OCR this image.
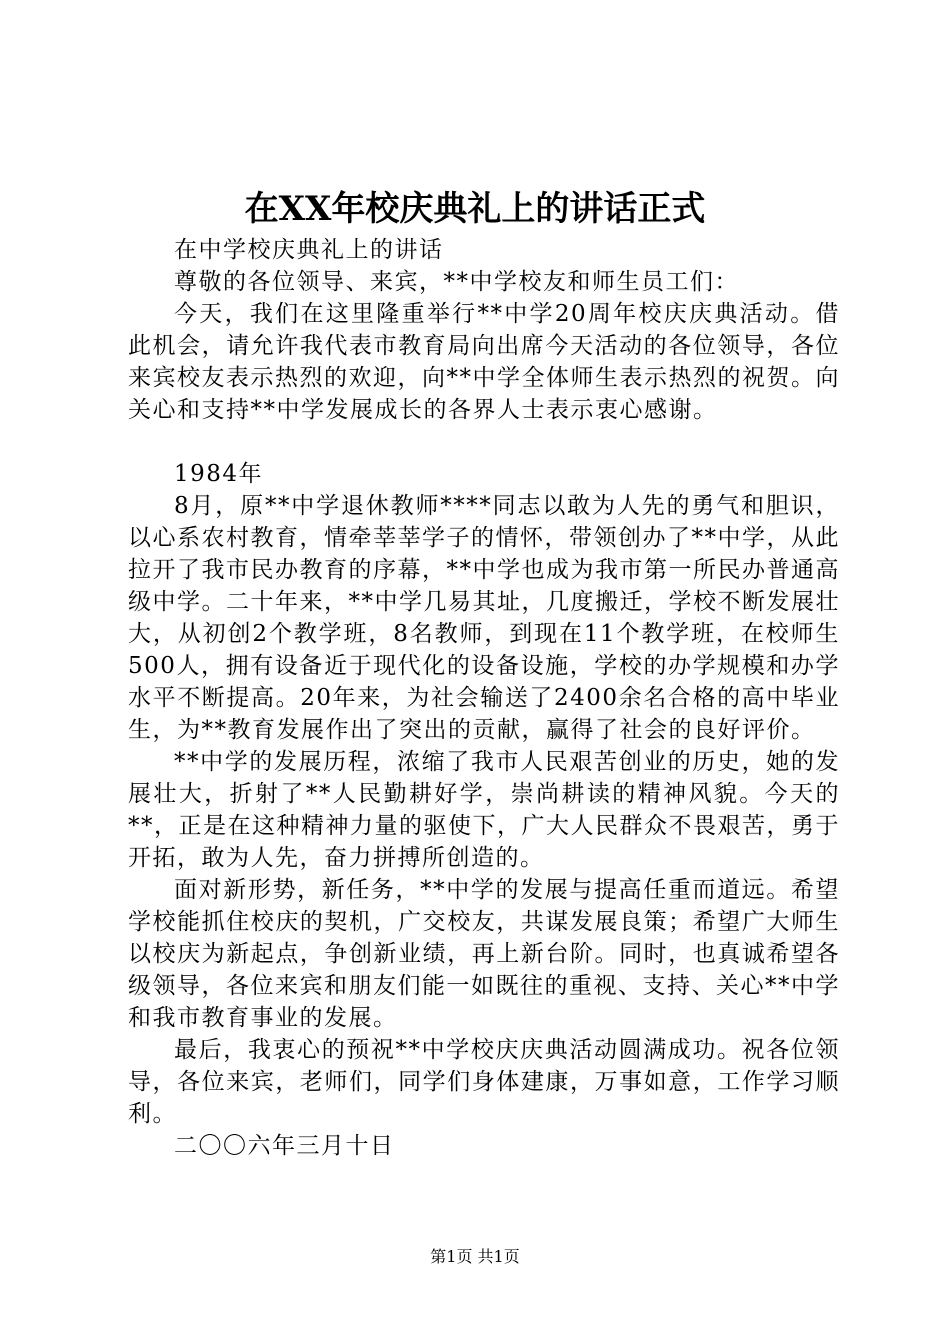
在XX年校庆典礼上的讲话正式

在中学校庆典礼上的讲话

尊敬的各位领导、来宾，**中学校友和师生员工们：

今天，我们在这里隆重举行**中学20周年校庆庆典活动。借此机会，请允许我代表市教育局向出席今天活动的各位领导，各位来宾校友表示热烈的欢迎，向**中学全体师生表示热烈的祝贺。向关心和支持**中学发展成长的各界人士表示衷心感谢。

1984年

8月，原**中学退休教师****同志以敢为人先的勇气和胆识，以心系农村教育，情牵莘莘学子的情怀，带领创办了**中学，从此拉开了我市民办教育的序幕，**中学也成为我市第一所民办普通高级中学。二十年来，**中学几易其址，几度搬迁，学校不断发展壮大，从初创2个教学班，8名教师，到现在11个教学班，在校师生500人，拥有设备近于现代化的设备设施，学校的办学规模和办学水平不断提高。20年来，为社会输送了2400余名合格的高中毕业生，为**教育发展作出了突出的贡献，赢得了社会的良好评价。

**中学的发展历程，浓缩了我市人民艰苦创业的历史，她的发展壮大，折射了**人民勤耕好学，崇尚耕读的精神风貌。今天的**，正是在这种精神力量的驱使下，广大人民群众不畏艰苦，勇于开拓，敢为人先，奋力拼搏所创造的。

面对新形势，新任务，**中学的发展与提高任重而道远。希望学校能抓住校庆的契机，广交校友，共谋发展良策；希望广大师生以校庆为新起点，争创新业绩，再上新台阶。同时，也真诚希望各级领导，各位来宾和朋友们能一如既往的重视、支持、关心**中学和我市教育事业的发展。

最后，我衷心的预祝**中学校庆庆典活动圆满成功。祝各位领导，各位来宾，老师们，同学们身体建康，万事如意，工作学习顺利。

二〇〇六年三月十日

第1页 共1页
